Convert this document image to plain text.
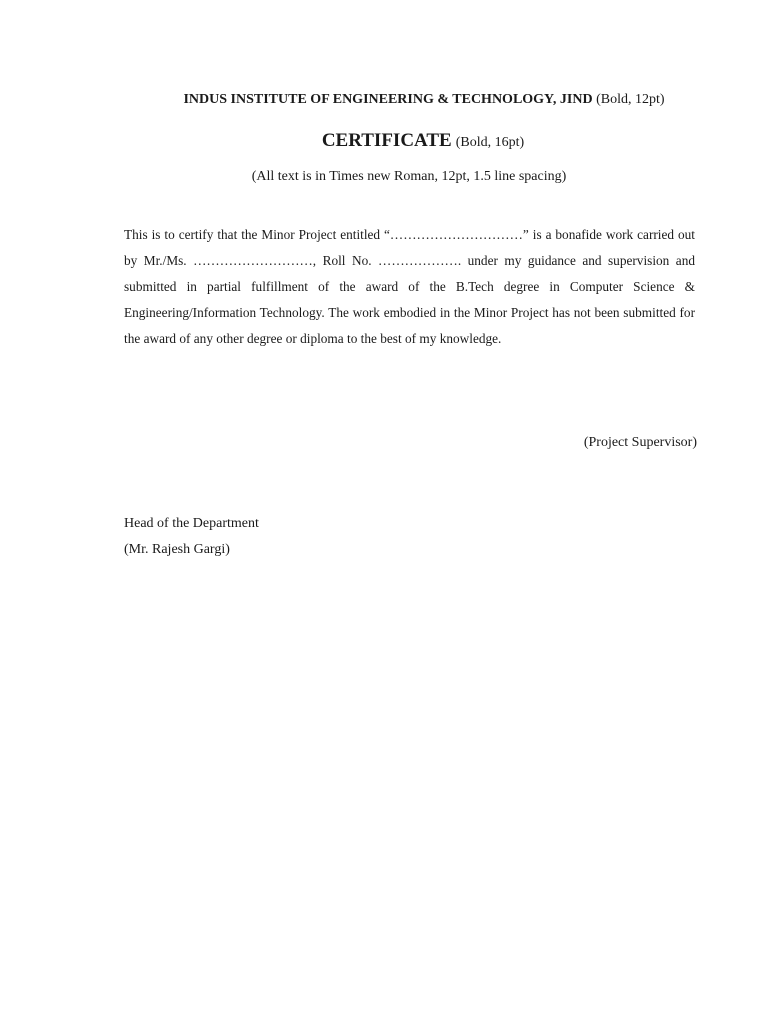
INDUS INSTITUTE OF ENGINEERING & TECHNOLOGY, JIND (Bold, 12pt)
CERTIFICATE (Bold, 16pt)
(All text is in Times new Roman, 12pt, 1.5 line spacing)

This is to certify that the Minor Project entitled “…………………………” is a bonafide work carried out by Mr./Ms. ………………………, Roll No. ………………. under my guidance and supervision and submitted in partial fulfillment of the award of the B.Tech degree in Computer Science & Engineering/Information Technology. The work embodied in the Minor Project has not been submitted for the award of any other degree or diploma to the best of my knowledge.

(Project Supervisor)
Head of the Department
(Mr. Rajesh Gargi)
